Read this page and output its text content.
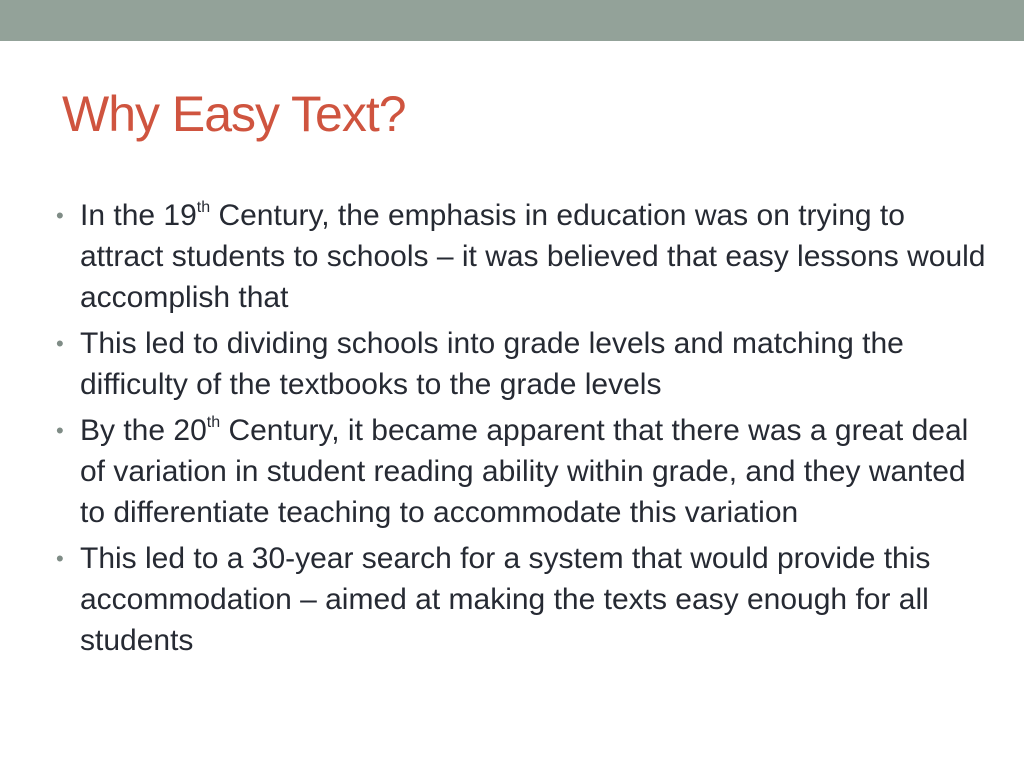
Why Easy Text?
• In the 19th Century, the emphasis in education was on trying to attract students to schools – it was believed that easy lessons would accomplish that
• This led to dividing schools into grade levels and matching the difficulty of the textbooks to the grade levels
• By the 20th Century, it became apparent that there was a great deal of variation in student reading ability within grade, and they wanted to differentiate teaching to accommodate this variation
• This led to a 30-year search for a system that would provide this accommodation – aimed at making the texts easy enough for all students
